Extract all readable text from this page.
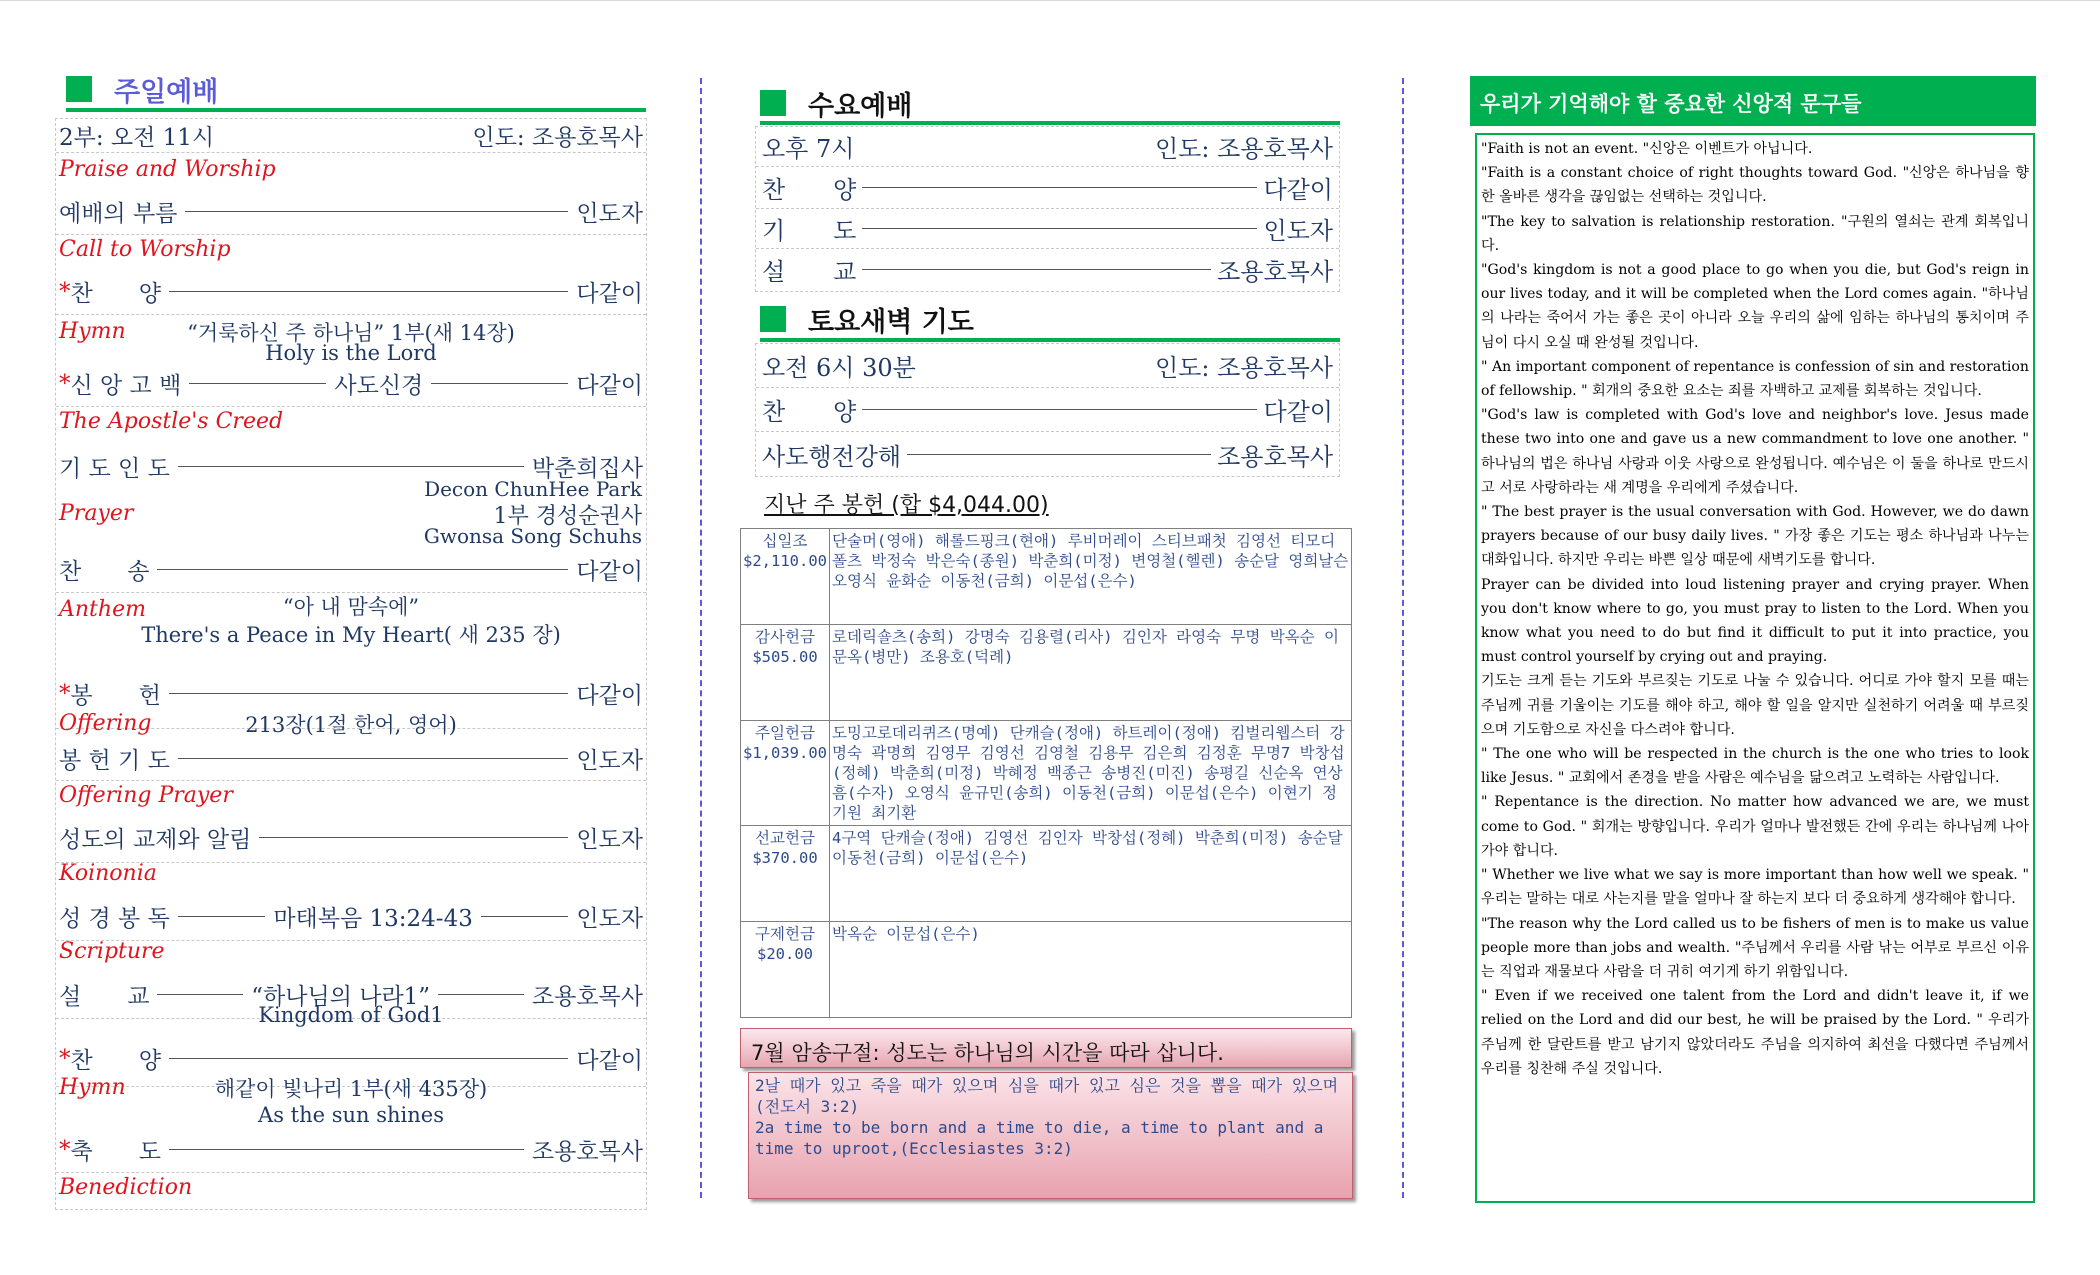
주일예배
2부: 오전 11시	인도: 조용호목사
Praise and Worship
예배의 부름	인도자
Call to Worship
* 찬　　양	다같이
Hymn	“거룩하신 주 하나님” 1부(새 14장)
Holy is the Lord
* 신 앙 고 백	사도신경	다같이
The Apostle's Creed
기 도 인 도	박춘희집사
Decon ChunHee Park
Prayer	1부 경성순권사
Gwonsa Song Schuhs
찬　　송	다같이
Anthem	“아 내 맘속에”
There's a Peace in My Heart( 새 235 장)
* 봉　　헌	다같이
Offering	213장(1절 한어, 영어)
봉 헌 기 도	인도자
Offering Prayer
성도의 교제와 알림	인도자
Koinonia
성 경 봉 독	마태복음 13:24-43	인도자
Scripture
설　　교	“하나님의 나라1”	조용호목사
Kingdom of God1
* 찬　　양	다같이
Hymn	해같이 빛나리 1부(새 435장)
As the sun shines
* 축　　도	조용호목사
Benediction
수요예배
오후 7시	인도: 조용호목사
찬　　양	다같이
기　　도	인도자
설　　교	조용호목사
토요새벽 기도
오전 6시 30분	인도: 조용호목사
찬　　양	다같이
사도행전강해	조용호목사
지난 주 봉헌 (합 $4,044.00)
십일조
$2,110.00	단술머(영애) 해롤드핑크(현애) 루비머레이 스티브패첫 김영선 티모디폴츠 박정숙 박은숙(종원) 박춘희(미정) 변영철(헬렌) 송순달 영희날슨 오영식 윤화순 이동천(금희) 이문섭(은수)

감사헌금
$505.00	로데릭숄츠(송희) 강명숙 김용렬(리사) 김인자 라영숙 무명 박옥순 이문옥(병만) 조용호(덕례)

주일헌금
$1,039.00	도밍고로데리퀴즈(명예) 단캐슬(정애) 하트레이(정애) 킴벌리웹스터 강명숙 곽명희 김영무 김영선 김영철 김용무 김은희 김정훈 무명7 박창섭(정혜) 박춘희(미정) 박혜정 백종근 송병진(미진) 송평길 신순옥 연상흠(수자) 오영식 윤규민(송희) 이동천(금희) 이문섭(은수) 이현기 정기원 최기환

선교헌금
$370.00	4구역 단캐슬(정애) 김영선 김인자 박창섭(정혜) 박춘희(미정) 송순달 이동천(금희) 이문섭(은수)

구제헌금
$20.00	박옥순 이문섭(은수)
7월 암송구절: 성도는 하나님의 시간을 따라 삽니다.
2날 때가 있고 죽을 때가 있으며 심을 때가 있고 심은 것을 뽑을 때가 있으며(전도서 3:2)
2a time to be born and a time to die, a time to plant and a time to uproot,(Ecclesiastes 3:2)
우리가 기억해야 할 중요한 신앙적 문구들

"Faith is not an event. "신앙은 이벤트가 아닙니다.

"Faith is a constant choice of right thoughts toward God. "신앙은 하나님을 향한 올바른 생각을 끊임없는 선택하는 것입니다.

"The key to salvation is relationship restoration. "구원의 열쇠는 관계 회복입니다.

"God's kingdom is not a good place to go when you die, but God's reign in our lives today, and it will be completed when the Lord comes again. "하나님의 나라는 죽어서 가는 좋은 곳이 아니라 오늘 우리의 삶에 임하는 하나님의 통치이며 주님이 다시 오실 때 완성될 것입니다.

" An important component of repentance is confession of sin and restoration of fellowship. " 회개의 중요한 요소는 죄를 자백하고 교제를 회복하는 것입니다.

"God's law is completed with God's love and neighbor's love. Jesus made these two into one and gave us a new commandment to love one another. " 하나님의 법은 하나님 사랑과 이웃 사랑으로 완성됩니다. 예수님은 이 둘을 하나로 만드시고 서로 사랑하라는 새 계명을 우리에게 주셨습니다.

" The best prayer is the usual conversation with God. However, we do dawn prayers because of our busy daily lives. " 가장 좋은 기도는 평소 하나님과 나누는 대화입니다. 하지만 우리는 바쁜 일상 때문에 새벽기도를 합니다.

Prayer can be divided into loud listening prayer and crying prayer. When you don't know where to go, you must pray to listen to the Lord. When you know what you need to do but find it difficult to put it into practice, you must control yourself by crying out and praying.

기도는 크게 듣는 기도와 부르짖는 기도로 나눌 수 있습니다. 어디로 가야 할지 모를 때는 주님께 귀를 기울이는 기도를 해야 하고, 해야 할 일을 알지만 실천하기 어려울 때 부르짖으며 기도함으로 자신을 다스려야 합니다.

" The one who will be respected in the church is the one who tries to look like Jesus. " 교회에서 존경을 받을 사람은 예수님을 닮으려고 노력하는 사람입니다.

" Repentance is the direction. No matter how advanced we are, we must come to God. " 회개는 방향입니다. 우리가 얼마나 발전했든 간에 우리는 하나님께 나아가야 합니다.

" Whether we live what we say is more important than how well we speak. " 우리는 말하는 대로 사는지를 말을 얼마나 잘 하는지 보다 더 중요하게 생각해야 합니다.

"The reason why the Lord called us to be fishers of men is to make us value people more than jobs and wealth. "주님께서 우리를 사람 낚는 어부로 부르신 이유는 직업과 재물보다 사람을 더 귀히 여기게 하기 위함입니다.

" Even if we received one talent from the Lord and didn't leave it, if we relied on the Lord and did our best, he will be praised by the Lord. " 우리가 주님께 한 달란트를 받고 남기지 않았더라도 주님을 의지하여 최선을 다했다면 주님께서 우리를 칭찬해 주실 것입니다.
